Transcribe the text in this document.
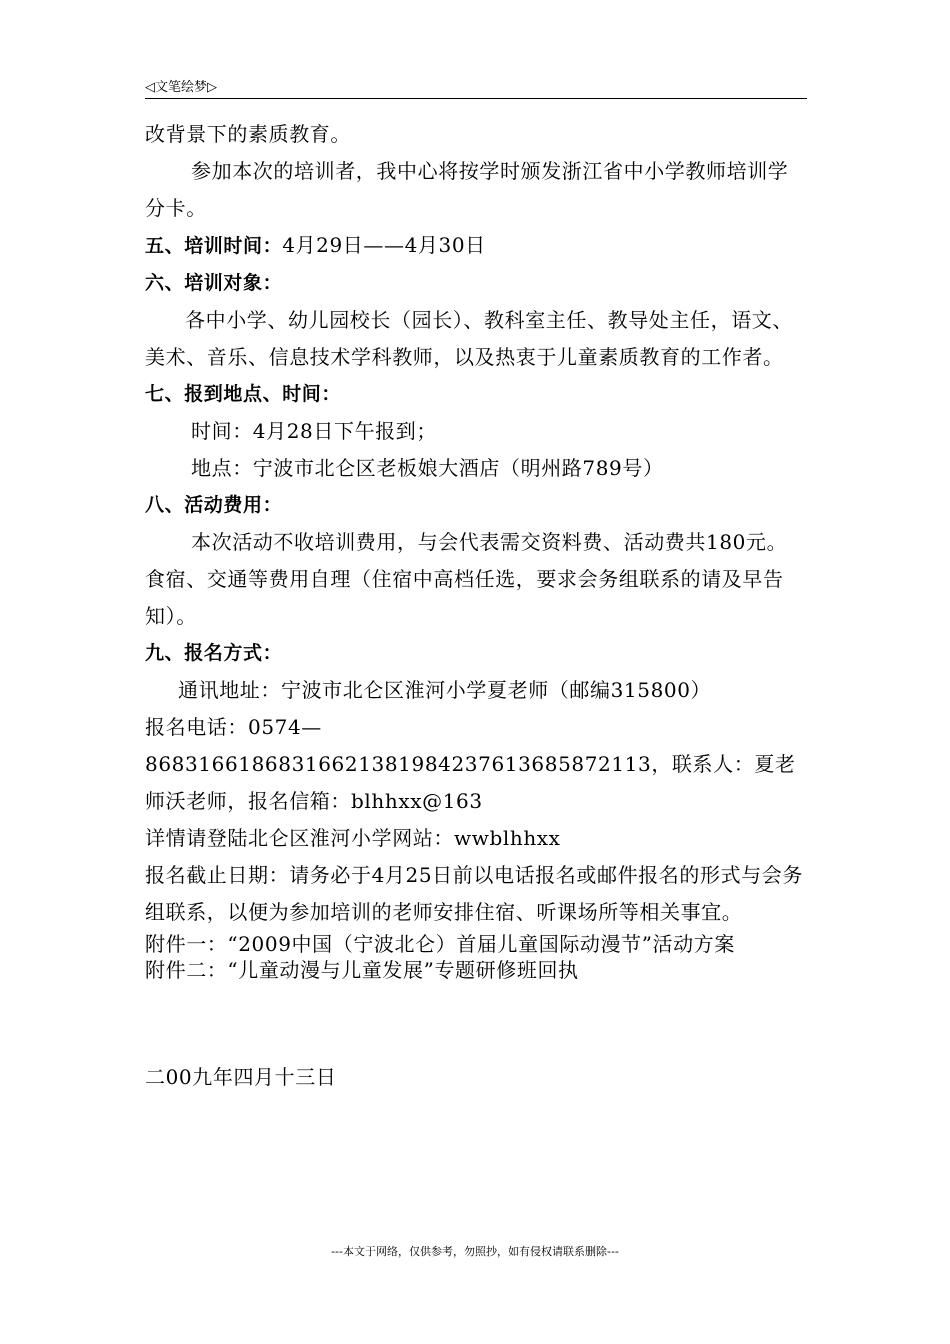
◁文笔绘梦▷

改背景下的素质教育。

参加本次的培训者，我中心将按学时颁发浙江省中小学教师培训学分卡。

五、培训时间：4月29日——4月30日

六、培训对象：

各中小学、幼儿园校长（园长）、教科室主任、教导处主任，语文、美术、音乐、信息技术学科教师，以及热衷于儿童素质教育的工作者。

七、报到地点、时间：

时间：4月28日下午报到；

地点：宁波市北仑区老板娘大酒店（明州路789号）

八、活动费用：

本次活动不收培训费用，与会代表需交资料费、活动费共180元。食宿、交通等费用自理（住宿中高档任选，要求会务组联系的请及早告知）。

九、报名方式：

通讯地址：宁波市北仑区淮河小学夏老师（邮编315800）

报名电话：0574—86831661868316621381984237613685872113，联系人：夏老师沃老师，报名信箱：blhhxx@163

详情请登陆北仑区淮河小学网站：wwblhhxx

报名截止日期：请务必于4月25日前以电话报名或邮件报名的形式与会务组联系，以便为参加培训的老师安排住宿、听课场所等相关事宜。

附件一：“2009中国（宁波北仑）首届儿童国际动漫节”活动方案

附件二：“儿童动漫与儿童发展”专题研修班回执

二00九年四月十三日

---本文于网络，仅供参考，勿照抄，如有侵权请联系删除---
